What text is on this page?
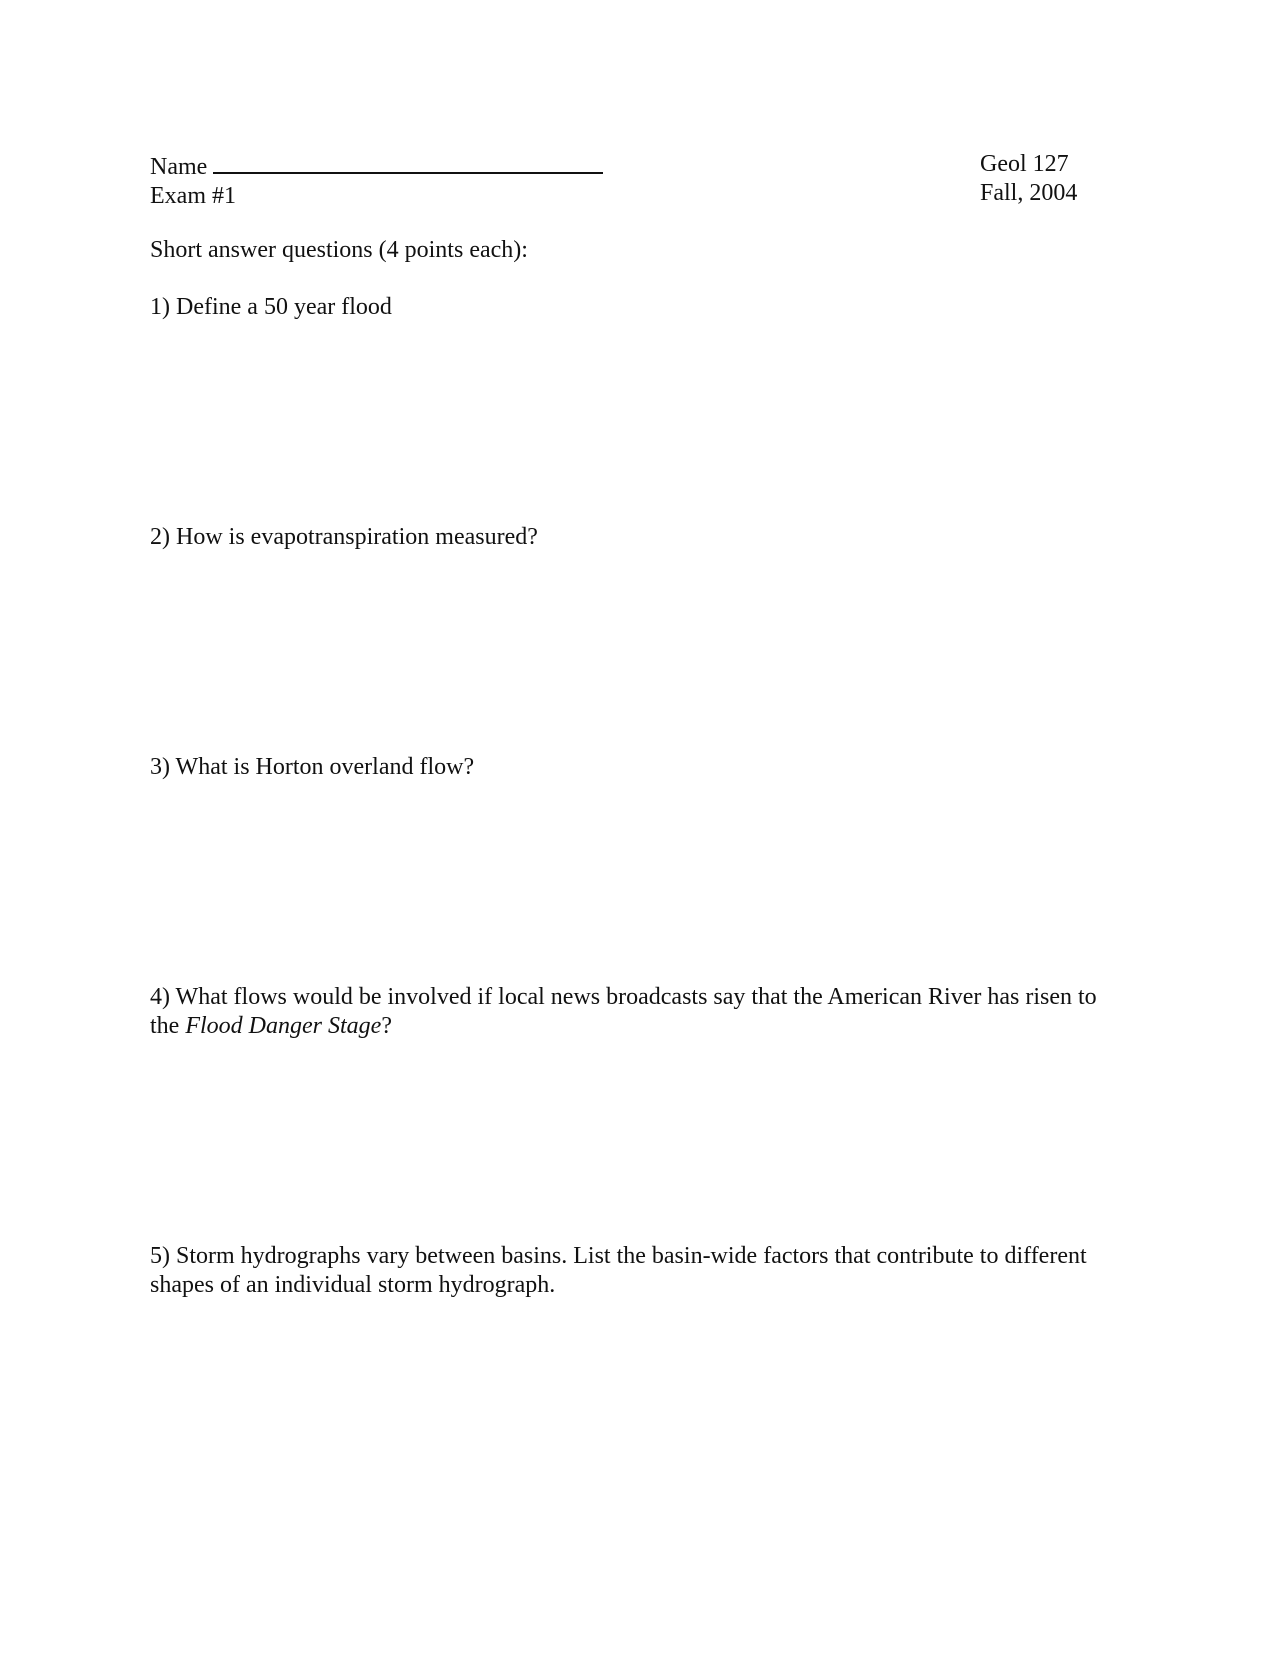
Name
Exam #1
Geol 127
Fall, 2004
Short answer questions (4 points each):
1) Define a 50 year flood
2) How is evapotranspiration measured?
3) What is Horton overland flow?
4) What flows would be involved if local news broadcasts say that the American River has risen to the Flood Danger Stage?
5) Storm hydrographs vary between basins. List the basin-wide factors that contribute to different shapes of an individual storm hydrograph.
